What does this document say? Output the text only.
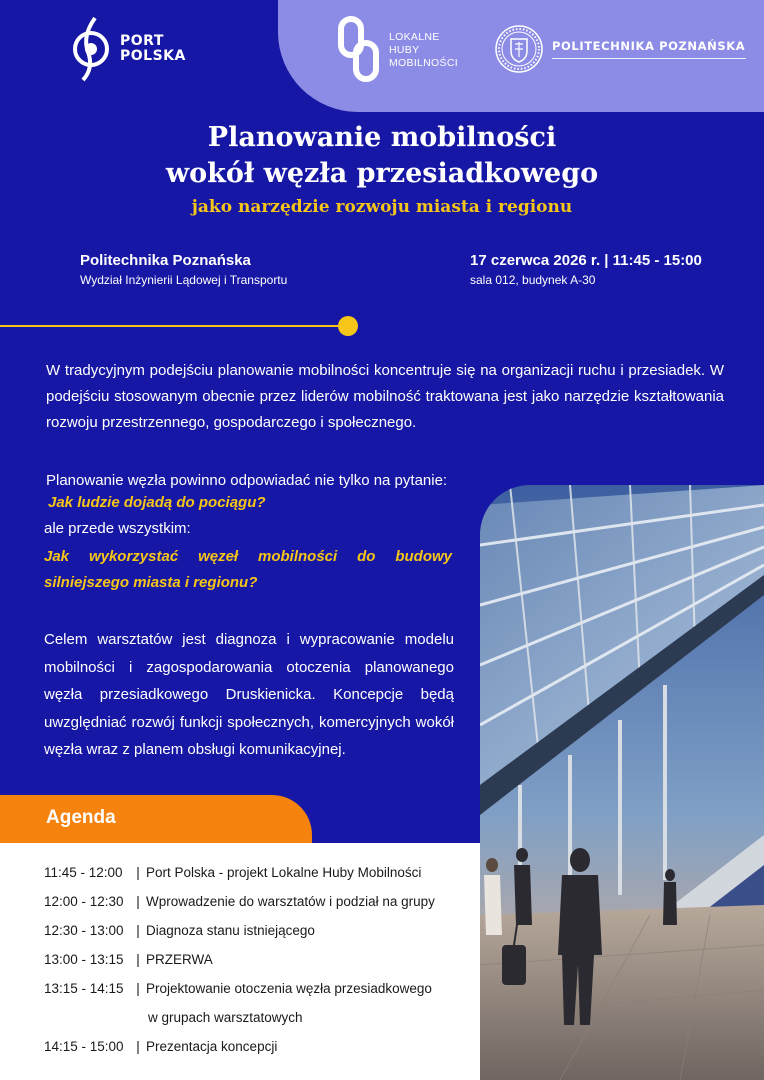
PORT
POLSKA
LOKALNE
HUBY
MOBILNOŚCI
POLITECHNIKA POZNAŃSKA
Planowanie mobilności
wokół węzła przesiadkowego
jako narzędzie rozwoju miasta i regionu
Politechnika Poznańska
Wydział Inżynierii Lądowej i Transportu
17 czerwca 2026 r. | 11:45 - 15:00
sala 012, budynek A-30
W tradycyjnym podejściu planowanie mobilności koncentruje się na organizacji ruchu i przesiadek. W podejściu stosowanym obecnie przez liderów mobilność traktowana jest jako narzędzie kształtowania rozwoju przestrzennego, gospodarczego i społecznego.
Planowanie węzła powinno odpowiadać nie tylko na pytanie:
Jak ludzie dojadą do pociągu?
ale przede wszystkim:
Jak wykorzystać węzeł mobilności do budowy silniejszego miasta i regionu?
Celem warsztatów jest diagnoza i wypracowanie modelu mobilności i zagospodarowania otoczenia planowanego węzła przesiadkowego Druskienicka. Koncepcje będą uwzględniać rozwój funkcji społecznych, komercyjnych wokół węzła wraz z planem obsługi komunikacyjnej.
Agenda
11:45 - 12:00	| Port Polska - projekt Lokalne Huby Mobilności
12:00 - 12:30 | Wprowadzenie do warsztatów i podział na grupy
12:30 - 13:00 | Diagnoza stanu istniejącego
13:00 - 13:15 | PRZERWA
13:15 - 14:15 | Projektowanie otoczenia węzła przesiadkowego
w grupach warsztatowych
14:15 - 15:00 | Prezentacja koncepcji
